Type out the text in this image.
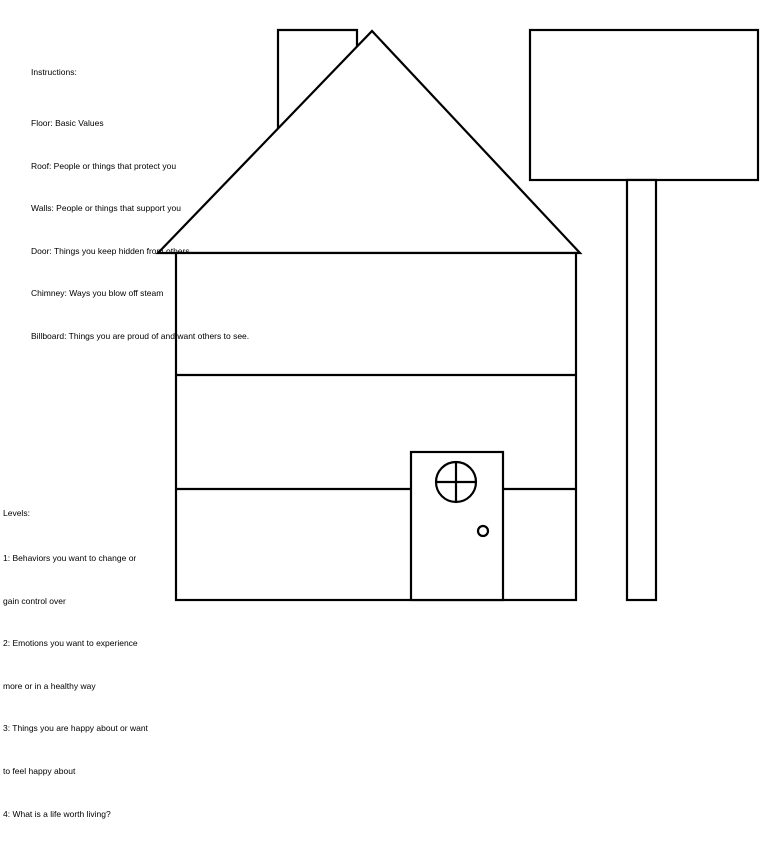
Instructions:

Floor: Basic Values

Roof: People or things that protect you

Walls: People or things that support you

Door: Things you keep hidden from others

Chimney: Ways you blow off steam

Billboard: Things you are proud of and want others to see.

Levels:

1: Behaviors you want to change or

gain control over

2: Emotions you want to experience

more or in a healthy way

3: Things you are happy about or want

to feel happy about

4: What is a life worth living?
